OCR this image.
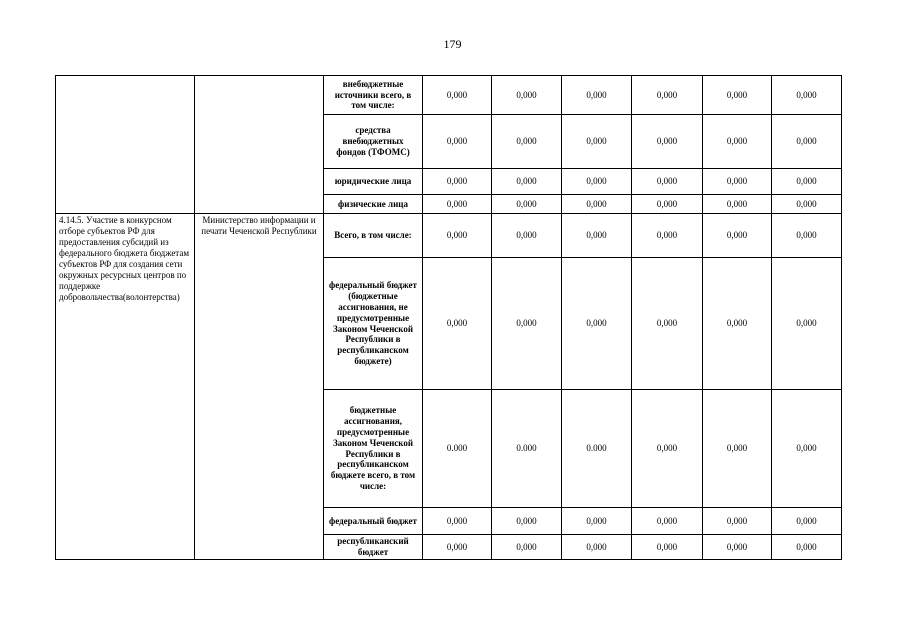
179
		внебюджетные источники всего, в том числе:	0,000	0,000	0,000	0,000	0,000	0,000
		средства внебюджетных фондов (ТФОМС)	0,000	0,000	0,000	0,000	0,000	0,000
		юридические лица	0,000	0,000	0,000	0,000	0,000	0,000
		физические лица	0,000	0,000	0,000	0,000	0,000	0,000
4.14.5. Участие в конкурсном отборе субъектов РФ для предоставления субсидий из федерального бюджета бюджетам субъектов РФ для создания сети окружных ресурсных центров по поддержке добровольчества(волонтерства)	Министерство информации и печати Чеченской Республики	Всего, в том числе:	0,000	0,000	0,000	0,000	0,000	0,000
		федеральный бюджет (бюджетные ассигнования, не предусмотренные Законом Чеченской Республики в республиканском бюджете)	0,000	0,000	0,000	0,000	0,000	0,000
		бюджетные ассигнования, предусмотренные Законом Чеченской Республики в республиканском бюджете всего, в том числе:	0.000	0.000	0.000	0,000	0,000	0,000
		федеральный бюджет	0,000	0,000	0,000	0,000	0,000	0,000
		республиканский бюджет	0,000	0,000	0,000	0,000	0,000	0,000
